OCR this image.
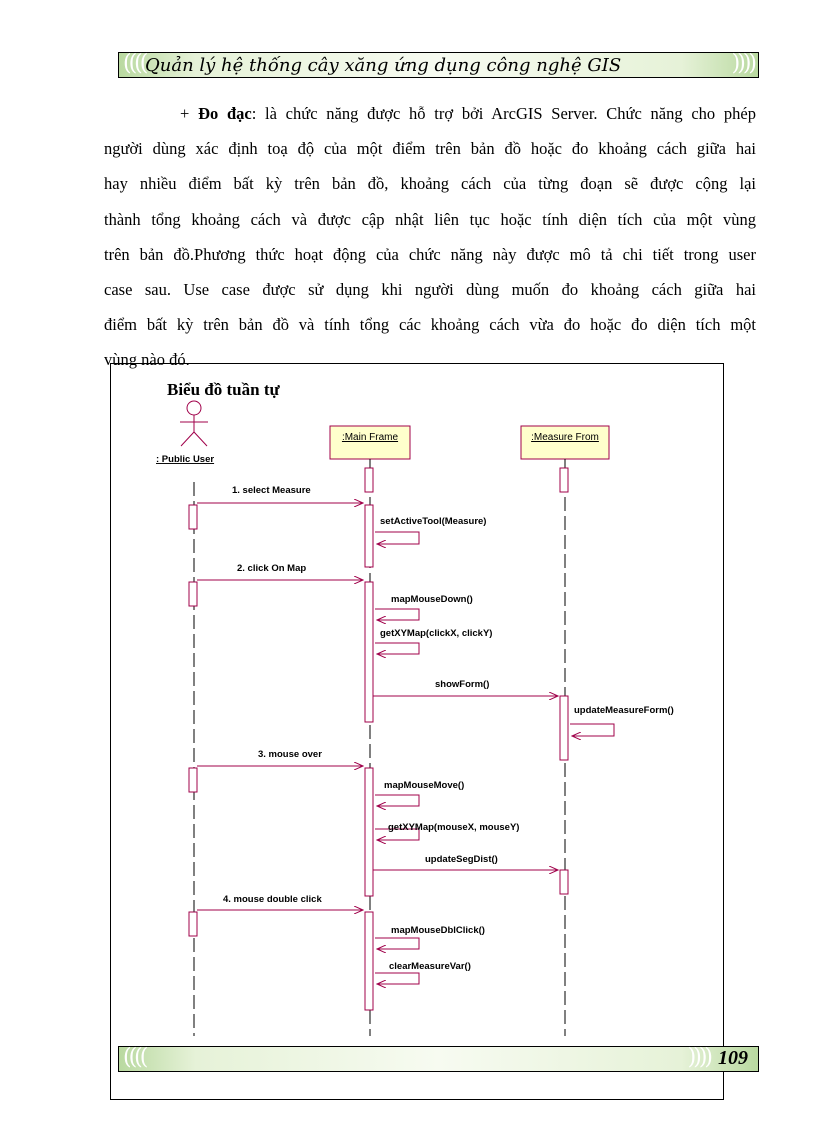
(((( Quản lý hệ thống cây xăng ứng dụng công nghệ GIS	))))
+ Đo đạc: là chức năng được hỗ trợ bởi ArcGIS Server. Chức năng cho phép
người dùng xác định toạ độ của một điểm trên bản đồ hoặc đo khoảng cách giữa hai
hay nhiều điểm bất kỳ trên bản đồ, khoảng cách của từng đoạn sẽ được cộng lại
thành tổng khoảng cách và được cập nhật liên tục hoặc tính diện tích của một vùng
trên bản đồ.Phương thức hoạt động của chức năng này được mô tả chi tiết trong user
case sau. Use case được sử dụng khi người dùng muốn đo khoảng cách giữa hai
điểm bất kỳ trên bản đồ và tính tổng các khoảng cách vừa đo hoặc đo diện tích một
vùng nào đó.
Biểu đồ tuần tự
: Public User
:Main Frame	:Measure From
1. select Measure
setActiveTool(Measure)
2. click On Map
mapMouseDown()
getXYMap(clickX, clickY)
showForm()
updateMeasureForm()
3. mouse over
mapMouseMove()
getXYMap(mouseX, mouseY)
updateSegDist()
4. mouse double click
mapMouseDblClick()
clearMeasureVar()
((((	)))) 109
